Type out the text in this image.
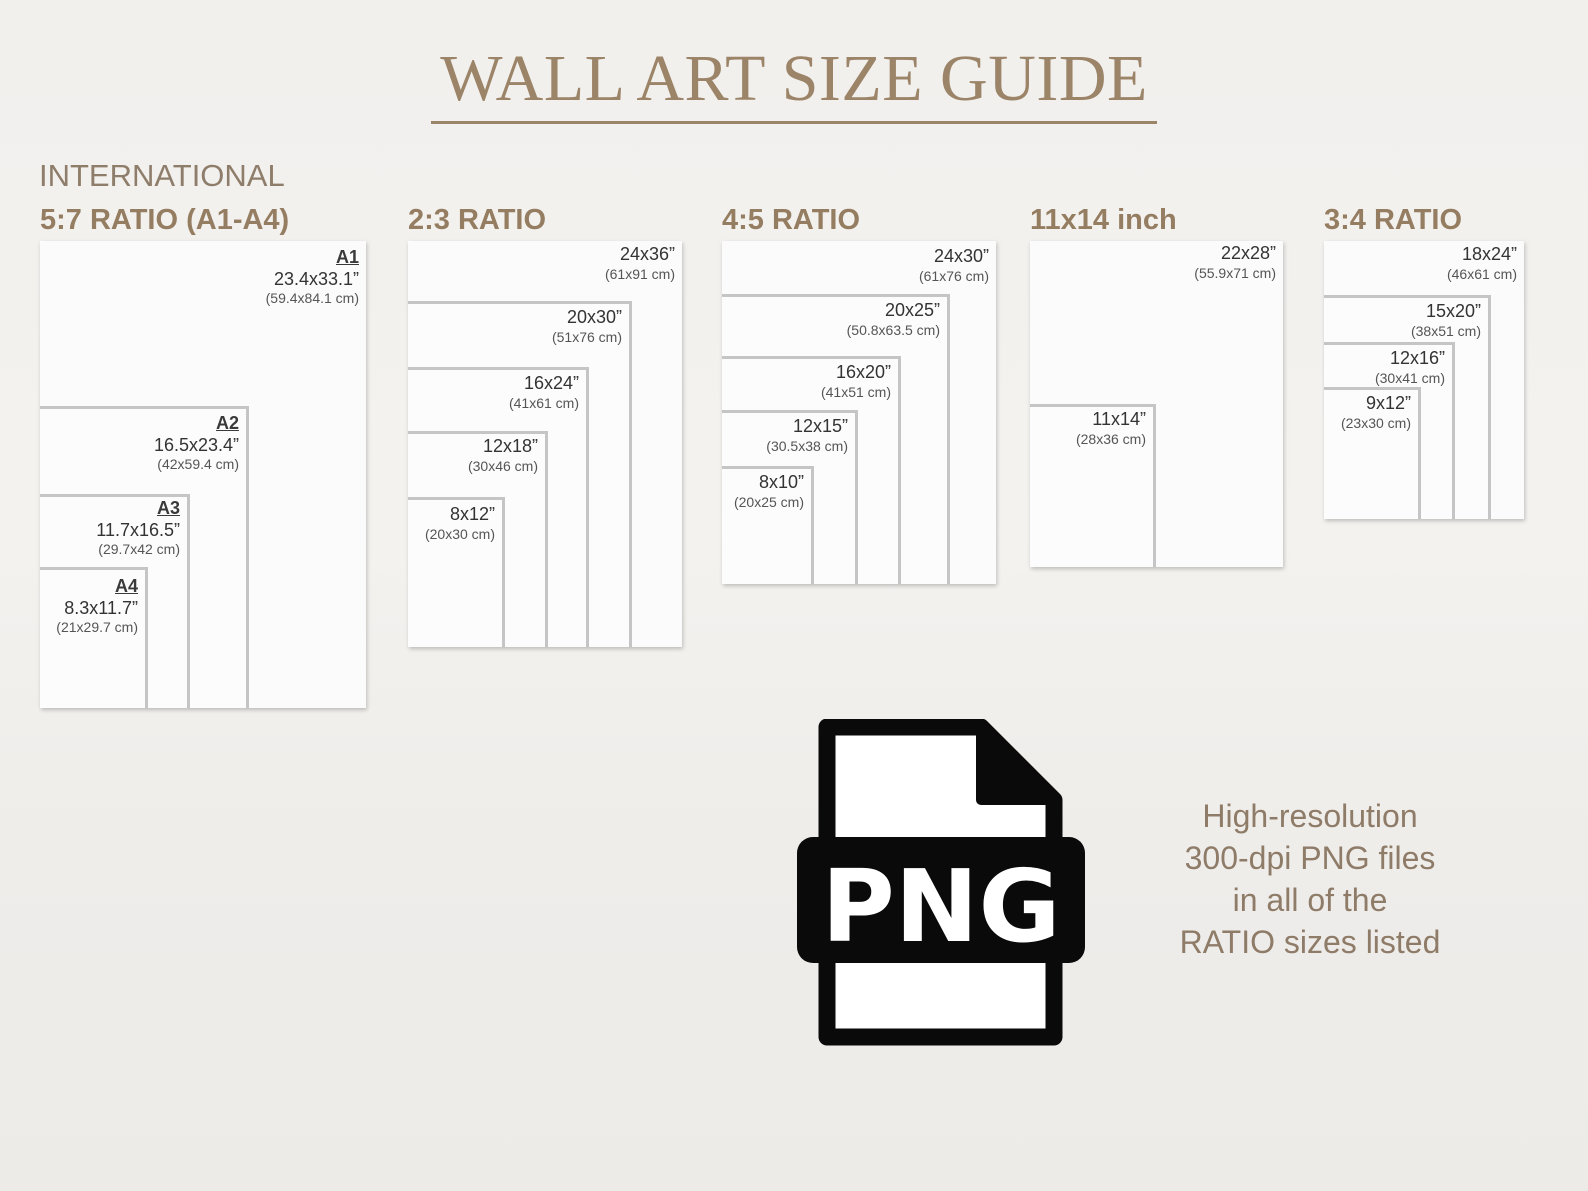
WALL ART SIZE GUIDE
INTERNATIONAL
5:7 RATIO (A1-A4)	2:3 RATIO	4:5 RATIO	11x14 inch	3:4 RATIO
A1
23.4x33.1”
(59.4x84.1 cm)
A2
16.5x23.4”
(42x59.4 cm)
A3
11.7x16.5”
(29.7x42 cm)
A4
8.3x11.7”
(21x29.7 cm)
24x36”
(61x91 cm)
20x30”
(51x76 cm)
16x24”
(41x61 cm)
12x18”
(30x46 cm)
8x12”
(20x30 cm)
24x30”
(61x76 cm)
20x25”
(50.8x63.5 cm)
16x20”
(41x51 cm)
12x15”
(30.5x38 cm)
8x10”
(20x25 cm)
22x28”
(55.9x71 cm)
11x14”
(28x36 cm)
18x24”
(46x61 cm)
15x20”
(38x51 cm)
12x16”
(30x41 cm)
9x12”
(23x30 cm)
PNG
High-resolution
300-dpi PNG files
in all of the
RATIO sizes listed
